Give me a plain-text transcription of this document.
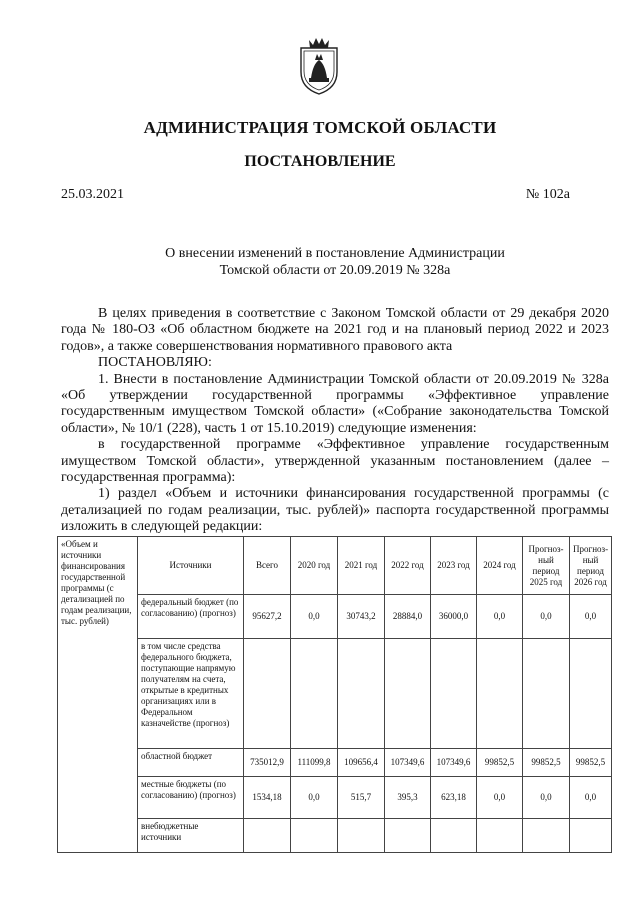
АДМИНИСТРАЦИЯ ТОМСКОЙ ОБЛАСТИ
ПОСТАНОВЛЕНИЕ
25.03.2021	№ 102а
О внесении изменений в постановление Администрации
Томской области от 20.09.2019 № 328а

В целях приведения в соответствие с Законом Томской области от 29 декабря 2020 года № 180-ОЗ «Об областном бюджете на 2021 год и на плановый период 2022 и 2023 годов», а также совершенствования нормативного правового акта

ПОСТАНОВЛЯЮ:

1. Внести в постановление Администрации Томской области от 20.09.2019 № 328а «Об утверждении государственной программы «Эффективное управление государственным имуществом Томской области» («Собрание законодательства Томской области», № 10/1 (228), часть 1 от 15.10.2019) следующие изменения:

в государственной программе «Эффективное управление государственным имуществом Томской области», утвержденной указанным постановлением (далее – государственная программа):

1) раздел «Объем и источники финансирования государственной программы (с детализацией по годам реализации, тыс. рублей)» паспорта государственной программы изложить в следующей редакции:

«Объем и источники финансирования государственной программы (с детализацией по годам реализации, тыс. рублей)	Источники	Всего	2020 год	2021 год	2022 год	2023 год	2024 год	Прогноз-ный период 2025 год	Прогноз-ный период 2026 год
	федеральный бюджет (по согласованию) (прогноз)	95627,2	0,0	30743,2	28884,0	36000,0	0,0	0,0	0,0
	в том числе средства федерального бюджета, поступающие напрямую получателям на счета, открытые в кредитных организациях или в Федеральном казначействе (прогноз)								
	областной бюджет	735012,9	111099,8	109656,4	107349,6	107349,6	99852,5	99852,5	99852,5
	местные бюджеты (по согласованию) (прогноз)	1534,18	0,0	515,7	395,3	623,18	0,0	0,0	0,0
	внебюджетные источники								
